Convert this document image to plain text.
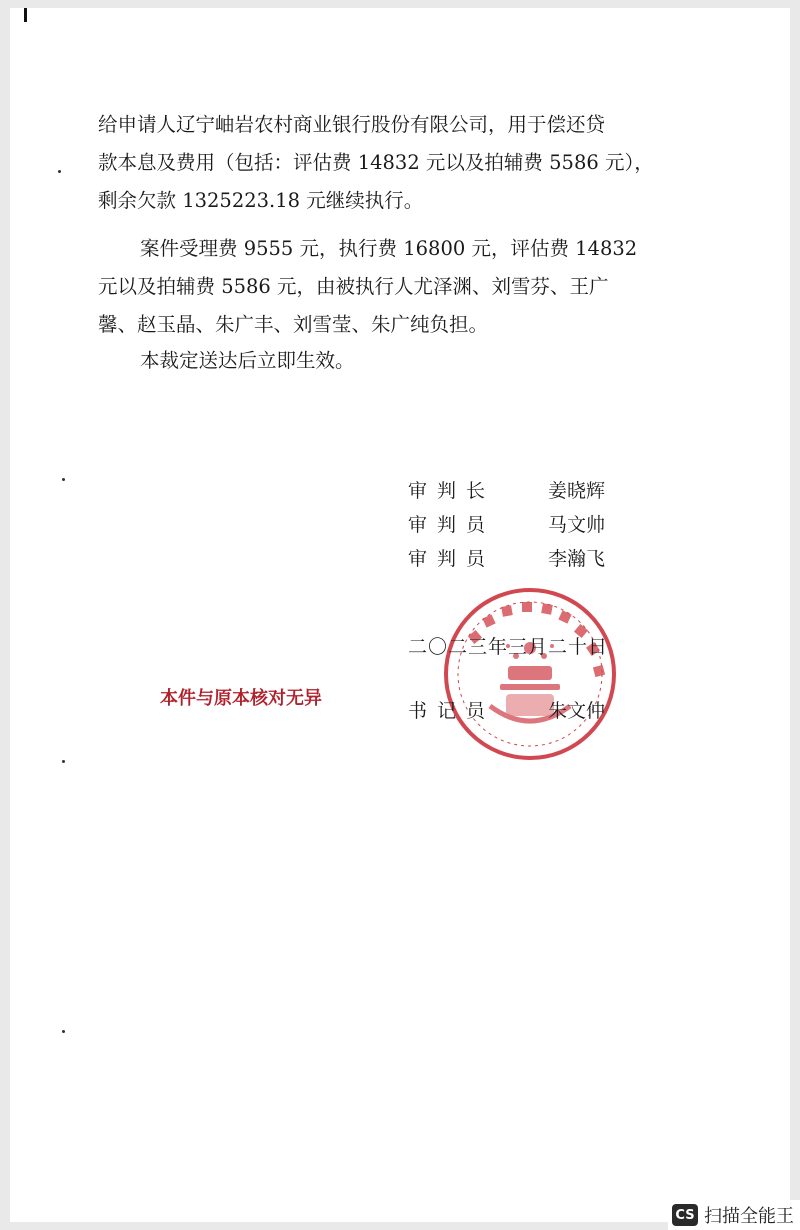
给申请人辽宁岫岩农村商业银行股份有限公司，用于偿还贷
款本息及费用（包括：评估费 14832 元以及拍辅费 5586 元），
剩余欠款 1325223.18 元继续执行。
案件受理费 9555 元，执行费 16800 元，评估费 14832
元以及拍辅费 5586 元，由被执行人尤泽渊、刘雪芬、王广
馨、赵玉晶、朱广丰、刘雪莹、朱广纯负担。
本裁定送达后立即生效。
审判长	姜晓辉
审判员	马文帅
审判员	李瀚飞
二〇二三年三月二十日
本件与原本核对无异
书记员	朱文仲
CS 扫描全能王
